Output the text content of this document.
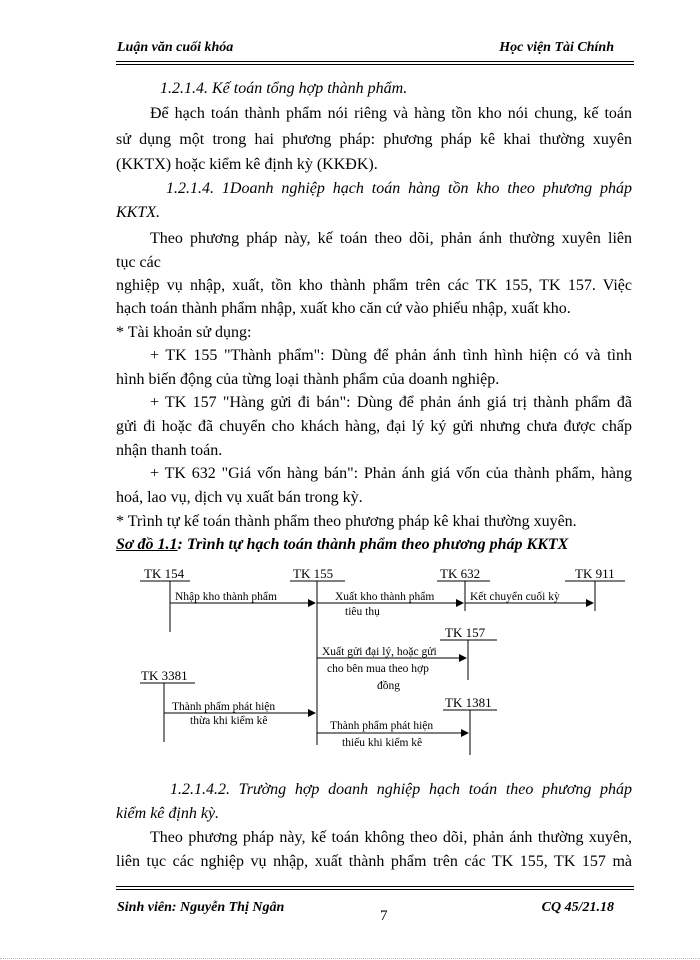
Luận văn cuối khóa	Học viện Tài Chính
1.2.1.4. Kế toán tổng hợp thành phẩm.
Để hạch toán thành phẩm nói riêng và hàng tồn kho nói chung, kế toán
sử dụng một trong hai phương pháp: phương pháp kê khai thường xuyên
(KKTX) hoặc kiểm kê định kỳ (KKĐK).
1.2.1.4. 1Doanh nghiệp hạch toán hàng tồn kho theo phương pháp
KKTX.
Theo phương pháp này, kế toán theo dõi, phản ánh thường xuyên liên
tục các
nghiệp vụ nhập, xuất, tồn kho thành phẩm trên các TK 155, TK 157. Việc
hạch toán thành phẩm nhập, xuất kho căn cứ vào phiếu nhập, xuất kho.
* Tài khoản sử dụng:
+ TK 155 "Thành phẩm": Dùng để phản ánh tình hình hiện có và tình
hình biến động của từng loại thành phẩm của doanh nghiệp.
+ TK 157 "Hàng gửi đi bán": Dùng để phản ánh giá trị thành phẩm đã
gửi đi hoặc đã chuyển cho khách hàng, đại lý ký gửi nhưng chưa được chấp
nhận thanh toán.
+ TK 632 "Giá vốn hàng bán": Phản ánh giá vốn của thành phẩm, hàng
hoá, lao vụ, dịch vụ xuất bán trong kỳ.
* Trình tự kế toán thành phẩm theo phương pháp kê khai thường xuyên.
Sơ đồ 1.1: Trình tự hạch toán thành phẩm theo phương pháp KKTX
TK 154	TK 155	TK 632	TK 911
TK 157
TK 3381
TK 1381
Nhập kho thành phẩm	Xuất kho thành phẩm
tiêu thụ
Kết chuyển cuối kỳ
Xuất gửi đại lý, hoặc gửi
cho bên mua theo hợp
đồng
Thành phẩm phát hiện
thừa khi kiểm kê	Thành phẩm phát hiện
thiếu khi kiểm kê
1.2.1.4.2. Trường hợp doanh nghiệp hạch toán theo phương pháp
kiểm kê định kỳ.
Theo phương pháp này, kế toán không theo dõi, phản ánh thường xuyên,
liên tục các nghiệp vụ nhập, xuất thành phẩm trên các TK 155, TK 157 mà
Sinh viên: Nguyễn Thị Ngân
7
CQ 45/21.18
